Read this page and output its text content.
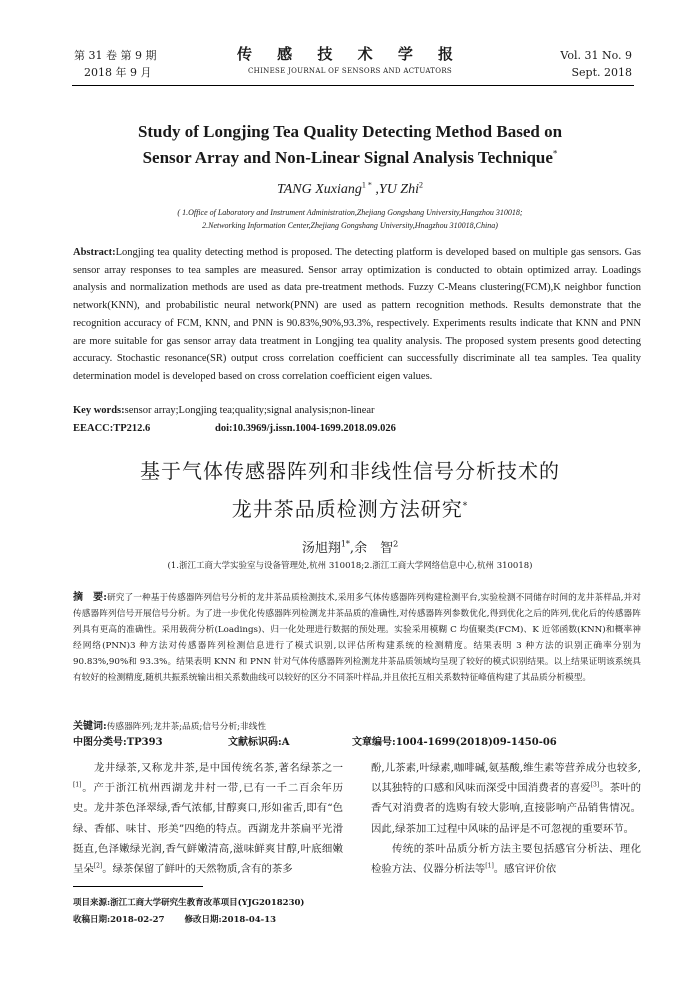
第 31 卷 第 9 期
2018 年 9 月
传 感 技 术 学 报
CHINESE JOURNAL OF SENSORS AND ACTUATORS
Vol. 31 No. 9
Sept. 2018
Study of Longjing Tea Quality Detecting Method Based on
Sensor Array and Non-Linear Signal Analysis Technique*
TANG Xuxiang$^{1 *}$ ,YU Zhi$^2$
( 1.Office of Laboratory and Instrument Administration,Zhejiang Gongshang University,Hangzhou 310018;
2.Networking Information Center,Zhejiang Gongshang University,Hnagzhou 310018,China)
Abstract:Longjing tea quality detecting method is proposed. The detecting platform is developed based on multiple gas sensors. Gas sensor array responses to tea samples are measured. Sensor array optimization is conducted to obtain optimized array. Loadings analysis and normalization methods are used as data pre-treatment methods. Fuzzy C-Means clustering(FCM),K neighbor function network(KNN), and probabilistic neural network(PNN) are used as pattern recognition methods. Results demonstrate that the recognition accuracy of FCM, KNN, and PNN is 90.83%,90%,93.3%, respectively. Experiments results indicate that KNN and PNN are more suitable for gas sensor array data treatment in Longjing tea quality analysis. The proposed system presents good detecting accuracy. Stochastic resonance(SR) output cross correlation coefficient can successfully discriminate all tea samples. Tea quality determination model is developed based on cross correlation coefficient eigen values.
Key words:sensor array;Longjing tea;quality;signal analysis;non-linear
EEACC:TP212.6	doi:10.3969/j.issn.1004-1699.2018.09.026
基于气体传感器阵列和非线性信号分析技术的
龙井茶品质检测方法研究*
汤旭翔$^{1*}$,余　智$^2$
(1.浙江工商大学实验室与设备管理处,杭州 310018;2.浙江工商大学网络信息中心,杭州 310018)
摘　要:研究了一种基于传感器阵列信号分析的龙井茶品质检测技术,采用多气体传感器阵列构建检测平台,实验检测不同储存时间的龙井茶样品,并对传感器阵列信号开展信号分析。为了进一步优化传感器阵列检测龙井茶品质的准确性,对传感器阵列参数优化,得到优化之后的阵列,优化后的传感器阵列具有更高的准确性。采用载荷分析(Loadings)、归一化处理进行数据的预处理。实验采用模糊 C 均值聚类(FCM)、K 近邻函数(KNN)和概率神经网络(PNN)3 种方法对传感器阵列检测信息进行了模式识别,以评估所构建系统的检测精度。结果表明 3 种方法的识别正确率分别为 90.83%,90%和 93.3%。结果表明 KNN 和 PNN 针对气体传感器阵列检测龙井茶品质领域均呈现了较好的模式识别结果。以上结果证明该系统具有较好的检测精度,随机共振系统输出相关系数曲线可以较好的区分不同茶叶样品,并且依托互相关系数特征峰值构建了其品质分析模型。
关键词:传感器阵列;龙井茶;品质;信号分析;非线性
中图分类号:TP393	文献标识码:A	文章编号:1004-1699(2018)09-1450-06
龙井绿茶,又称龙井茶,是中国传统名茶,著名绿茶之一[1]。产于浙江杭州西湖龙井村一带,已有一千二百余年历史。龙井茶色泽翠绿,香气浓郁,甘醇爽口,形如雀舌,即有“色绿、香郁、味甘、形美”四绝的特点。西湖龙井茶扁平光滑挺直,色泽嫩绿光润,香气鲜嫩清高,滋味鲜爽甘醇,叶底细嫩呈朵[2]。绿茶保留了鲜叶的天然物质,含有的茶多
酚,儿茶素,叶绿素,咖啡碱,氨基酸,维生素等营养成分也较多,以其独特的口感和风味而深受中国消费者的喜爱[3]。茶叶的香气对消费者的选购有较大影响,直接影响产品销售情况。因此,绿茶加工过程中风味的品评是不可忽视的重要环节。
传统的茶叶品质分析方法主要包括感官分析法、理化检验方法、仪器分析法等[1]。感官评价依
项目来源:浙江工商大学研究生教育改革项目(YJG2018230)
收稿日期:2018-02-27 修改日期:2018-04-13
